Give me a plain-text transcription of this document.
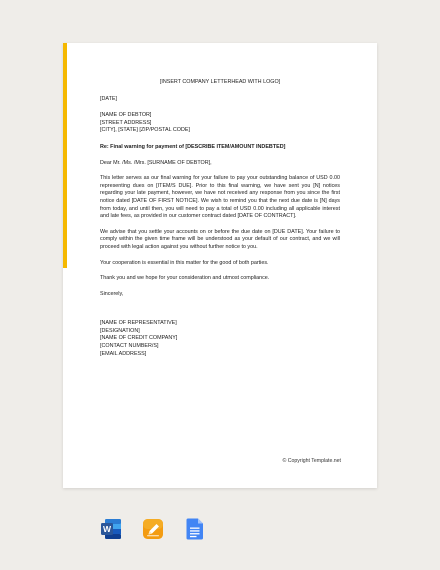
[INSERT COMPANY LETTERHEAD WITH LOGO]

[DATE]

[NAME OF DEBTOR]

[STREET ADDRESS]

[CITY], [STATE] [ZIP/POSTAL CODE]

Re: Final warning for payment of [DESCRIBE ITEM/AMOUNT INDEBTED]

Dear Mr. /Ms. /Mrs. [SURNAME OF DEBTOR],

This letter serves as our final warning for your failure to pay your outstanding balance of USD 0.00 representing dues on [ITEM/S DUE]. Prior to this final warning, we have sent you [N] notices regarding your late payment, however, we have not received any response from you since the first notice dated [DATE OF FIRST NOTICE]. We wish to remind you that the next due date is [N] days from today, and until then, you will need to pay a total of USD 0.00 including all applicable interest and late fees, as provided in our customer contract dated [DATE OF CONTRACT].

We advise that you settle your accounts on or before the due date on [DUE DATE]. Your failure to comply within the given time frame will be understood as your default of our contract, and we will proceed with legal action against you without further notice to you.

Your cooperation is essential in this matter for the good of both parties.

Thank you and we hope for your consideration and utmost compliance.

Sincerely,

[NAME OF REPRESENTATIVE]

[DESIGNATION]

[NAME OF CREDIT COMPANY]

[CONTACT NUMBER/S]

[EMAIL ADDRESS]

© Copyright Template.net
W
